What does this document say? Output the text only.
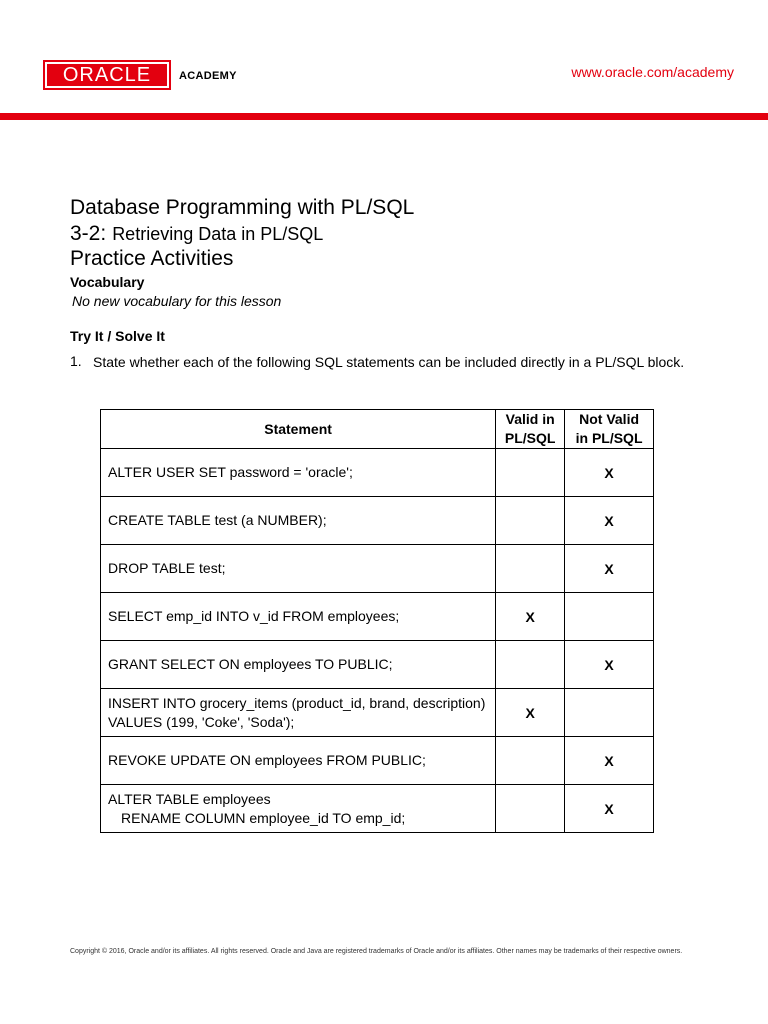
ORACLE	ACADEMY	www.oracle.com/academy
Database Programming with PL/SQL
3-2: Retrieving Data in PL/SQL
Practice Activities
Vocabulary
No new vocabulary for this lesson
Try It / Solve It
1. State whether each of the following SQL statements can be included directly in a PL/SQL block.
Statement	Valid in PL/SQL	Not Valid in PL/SQL
ALTER USER SET password = 'oracle';		X
CREATE TABLE test (a NUMBER);		X
DROP TABLE test;		X
SELECT emp_id INTO v_id FROM employees;	X	
GRANT SELECT ON employees TO PUBLIC;		X
INSERT INTO grocery_items (product_id, brand, description) VALUES (199, 'Coke', 'Soda');	X	
REVOKE UPDATE ON employees FROM PUBLIC;		X

ALTER TABLE employees
RENAME COLUMN employee_id TO emp_id;		X
Copyright © 2016, Oracle and/or its affiliates. All rights reserved. Oracle and Java are registered trademarks of Oracle and/or its affiliates. Other names may be trademarks of their respective owners.
